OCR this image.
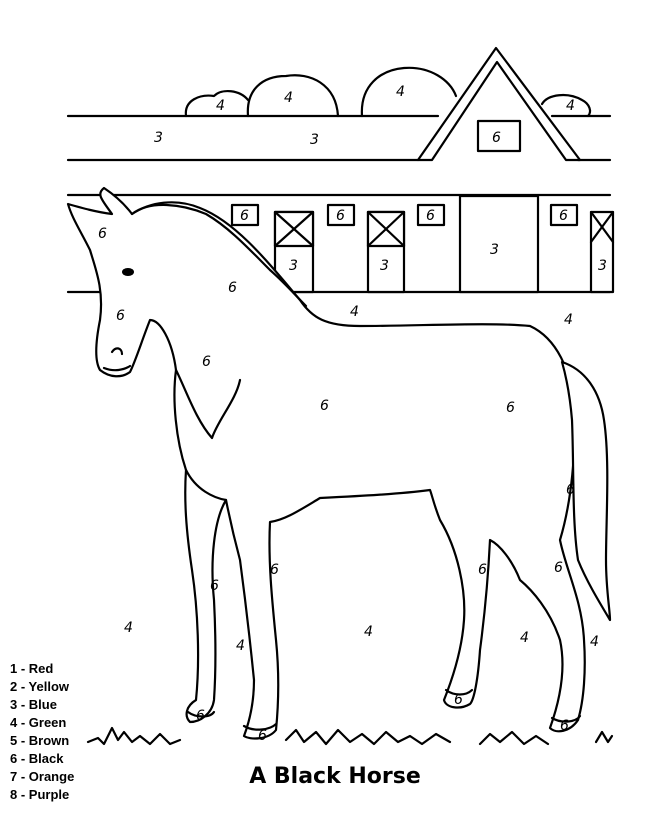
4	4	4
4
3	3	6
6	6	6	6
3	3
3
3
4	4
6
6
6
6
6	6
6
6
6	6	6
4
4
4	4	4
6
6
6
6
1 - Red
2 - Yellow
3 - Blue
4 - Green
5 - Brown
6 - Black
7 - Orange
8 - Purple
A Black Horse
